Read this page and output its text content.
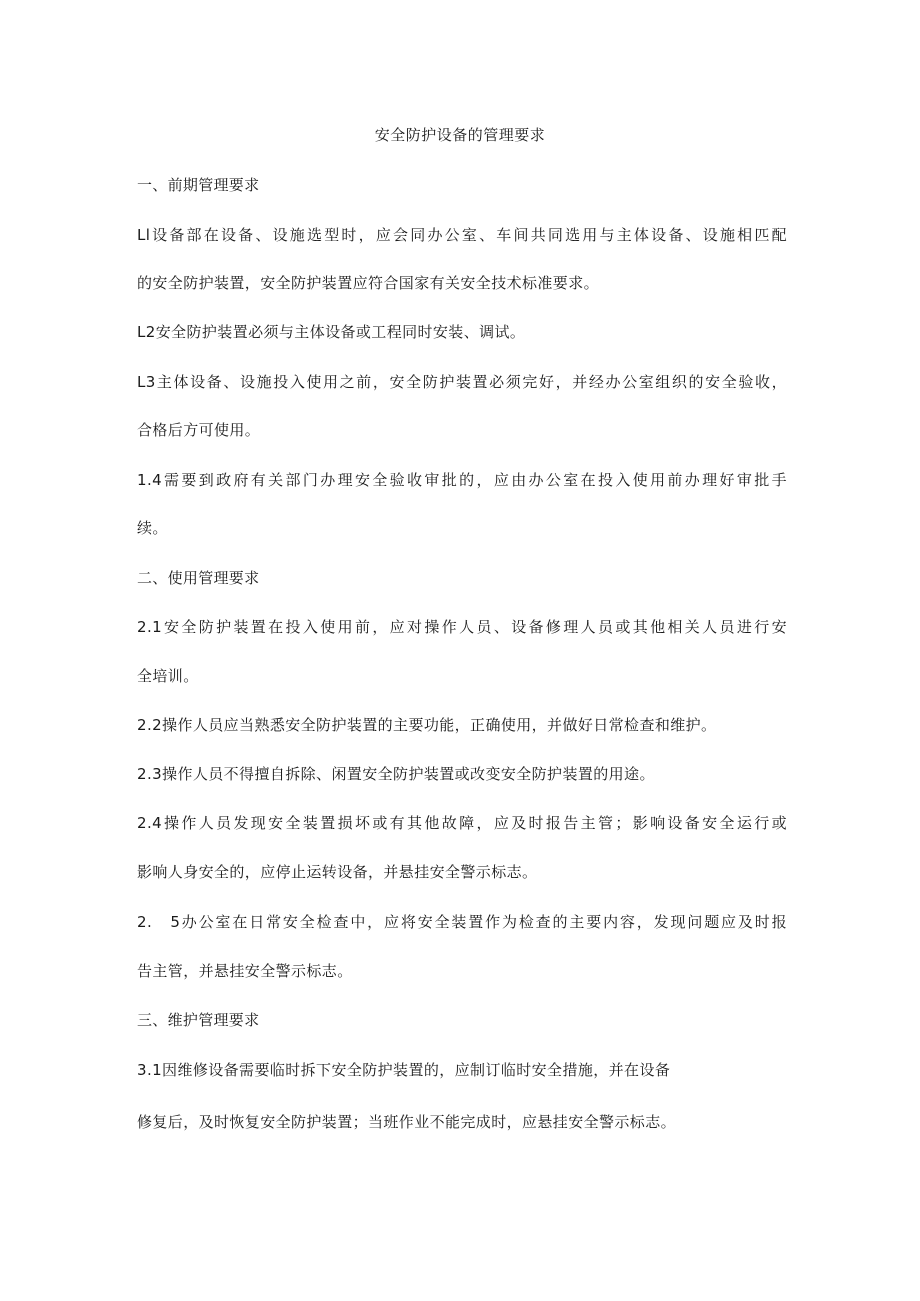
安全防护设备的管理要求

一、前期管理要求

Ll设备部在设备、设施选型时，应会同办公室、车间共同选用与主体设备、设施相匹配

的安全防护装置，安全防护装置应符合国家有关安全技术标准要求。

L2安全防护装置必须与主体设备或工程同时安装、调试。

L3主体设备、设施投入使用之前，安全防护装置必须完好，并经办公室组织的安全验收，

合格后方可使用。

1.4需要到政府有关部门办理安全验收审批的，应由办公室在投入使用前办理好审批手

续。

二、使用管理要求

2.1安全防护装置在投入使用前，应对操作人员、设备修理人员或其他相关人员进行安

全培训。

2.2操作人员应当熟悉安全防护装置的主要功能，正确使用，并做好日常检查和维护。

2.3操作人员不得擅自拆除、闲置安全防护装置或改变安全防护装置的用途。

2.4操作人员发现安全装置损坏或有其他故障，应及时报告主管；影响设备安全运行或

影响人身安全的，应停止运转设备，并悬挂安全警示标志。

2.　5办公室在日常安全检查中，应将安全装置作为检查的主要内容，发现问题应及时报

告主管，并悬挂安全警示标志。

三、维护管理要求

3.1因维修设备需要临时拆下安全防护装置的，应制订临时安全措施，并在设备

修复后，及时恢复安全防护装置；当班作业不能完成时，应悬挂安全警示标志。
